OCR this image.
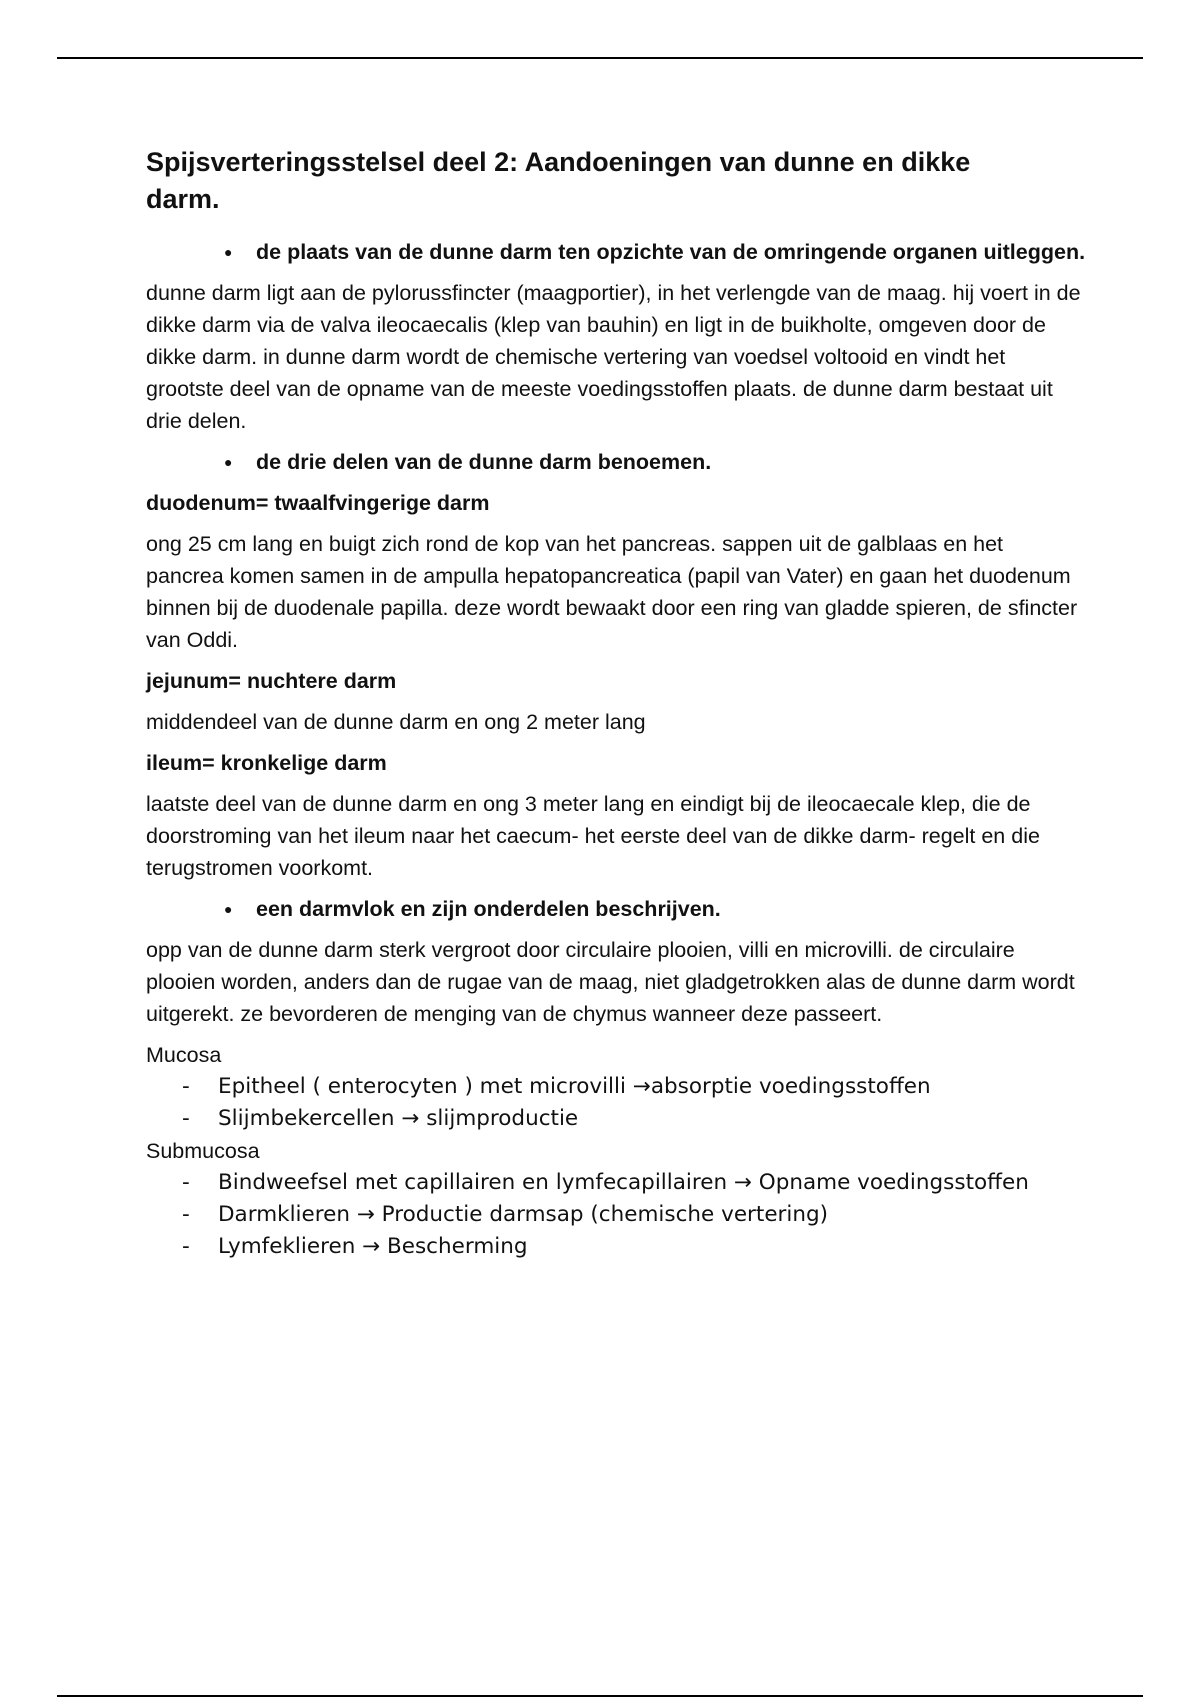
Spijsverteringsstelsel deel 2: Aandoeningen van dunne en dikke darm.
● de plaats van de dunne darm ten opzichte van de omringende organen uitleggen.

dunne darm ligt aan de pylorussfincter (maagportier), in het verlengde van de maag. hij voert in de dikke darm via de valva ileocaecalis (klep van bauhin) en ligt in de buikholte, omgeven door de dikke darm. in dunne darm wordt de chemische vertering van voedsel voltooid en vindt het grootste deel van de opname van de meeste voedingsstoffen plaats. de dunne darm bestaat uit drie delen.

● de drie delen van de dunne darm benoemen.

duodenum= twaalfvingerige darm

ong 25 cm lang en buigt zich rond de kop van het pancreas. sappen uit de galblaas en het pancrea komen samen in de ampulla hepatopancreatica (papil van Vater) en gaan het duodenum binnen bij de duodenale papilla. deze wordt bewaakt door een ring van gladde spieren, de sfincter van Oddi.

jejunum= nuchtere darm

middendeel van de dunne darm en ong 2 meter lang

ileum= kronkelige darm

laatste deel van de dunne darm en ong 3 meter lang en eindigt bij de ileocaecale klep, die de doorstroming van het ileum naar het caecum- het eerste deel van de dikke darm- regelt en die terugstromen voorkomt.

● een darmvlok en zijn onderdelen beschrijven.

opp van de dunne darm sterk vergroot door circulaire plooien, villi en microvilli. de circulaire plooien worden, anders dan de rugae van de maag, niet gladgetrokken alas de dunne darm wordt uitgerekt. ze bevorderen de menging van de chymus wanneer deze passeert.

Mucosa

- Epitheel ( enterocyten ) met microvilli →absorptie voedingsstoffen
- Slijmbekercellen → slijmproductie

Submucosa

- Bindweefsel met capillairen en lymfecapillairen → Opname voedingsstoffen
- Darmklieren → Productie darmsap (chemische vertering)
- Lymfeklieren → Bescherming
